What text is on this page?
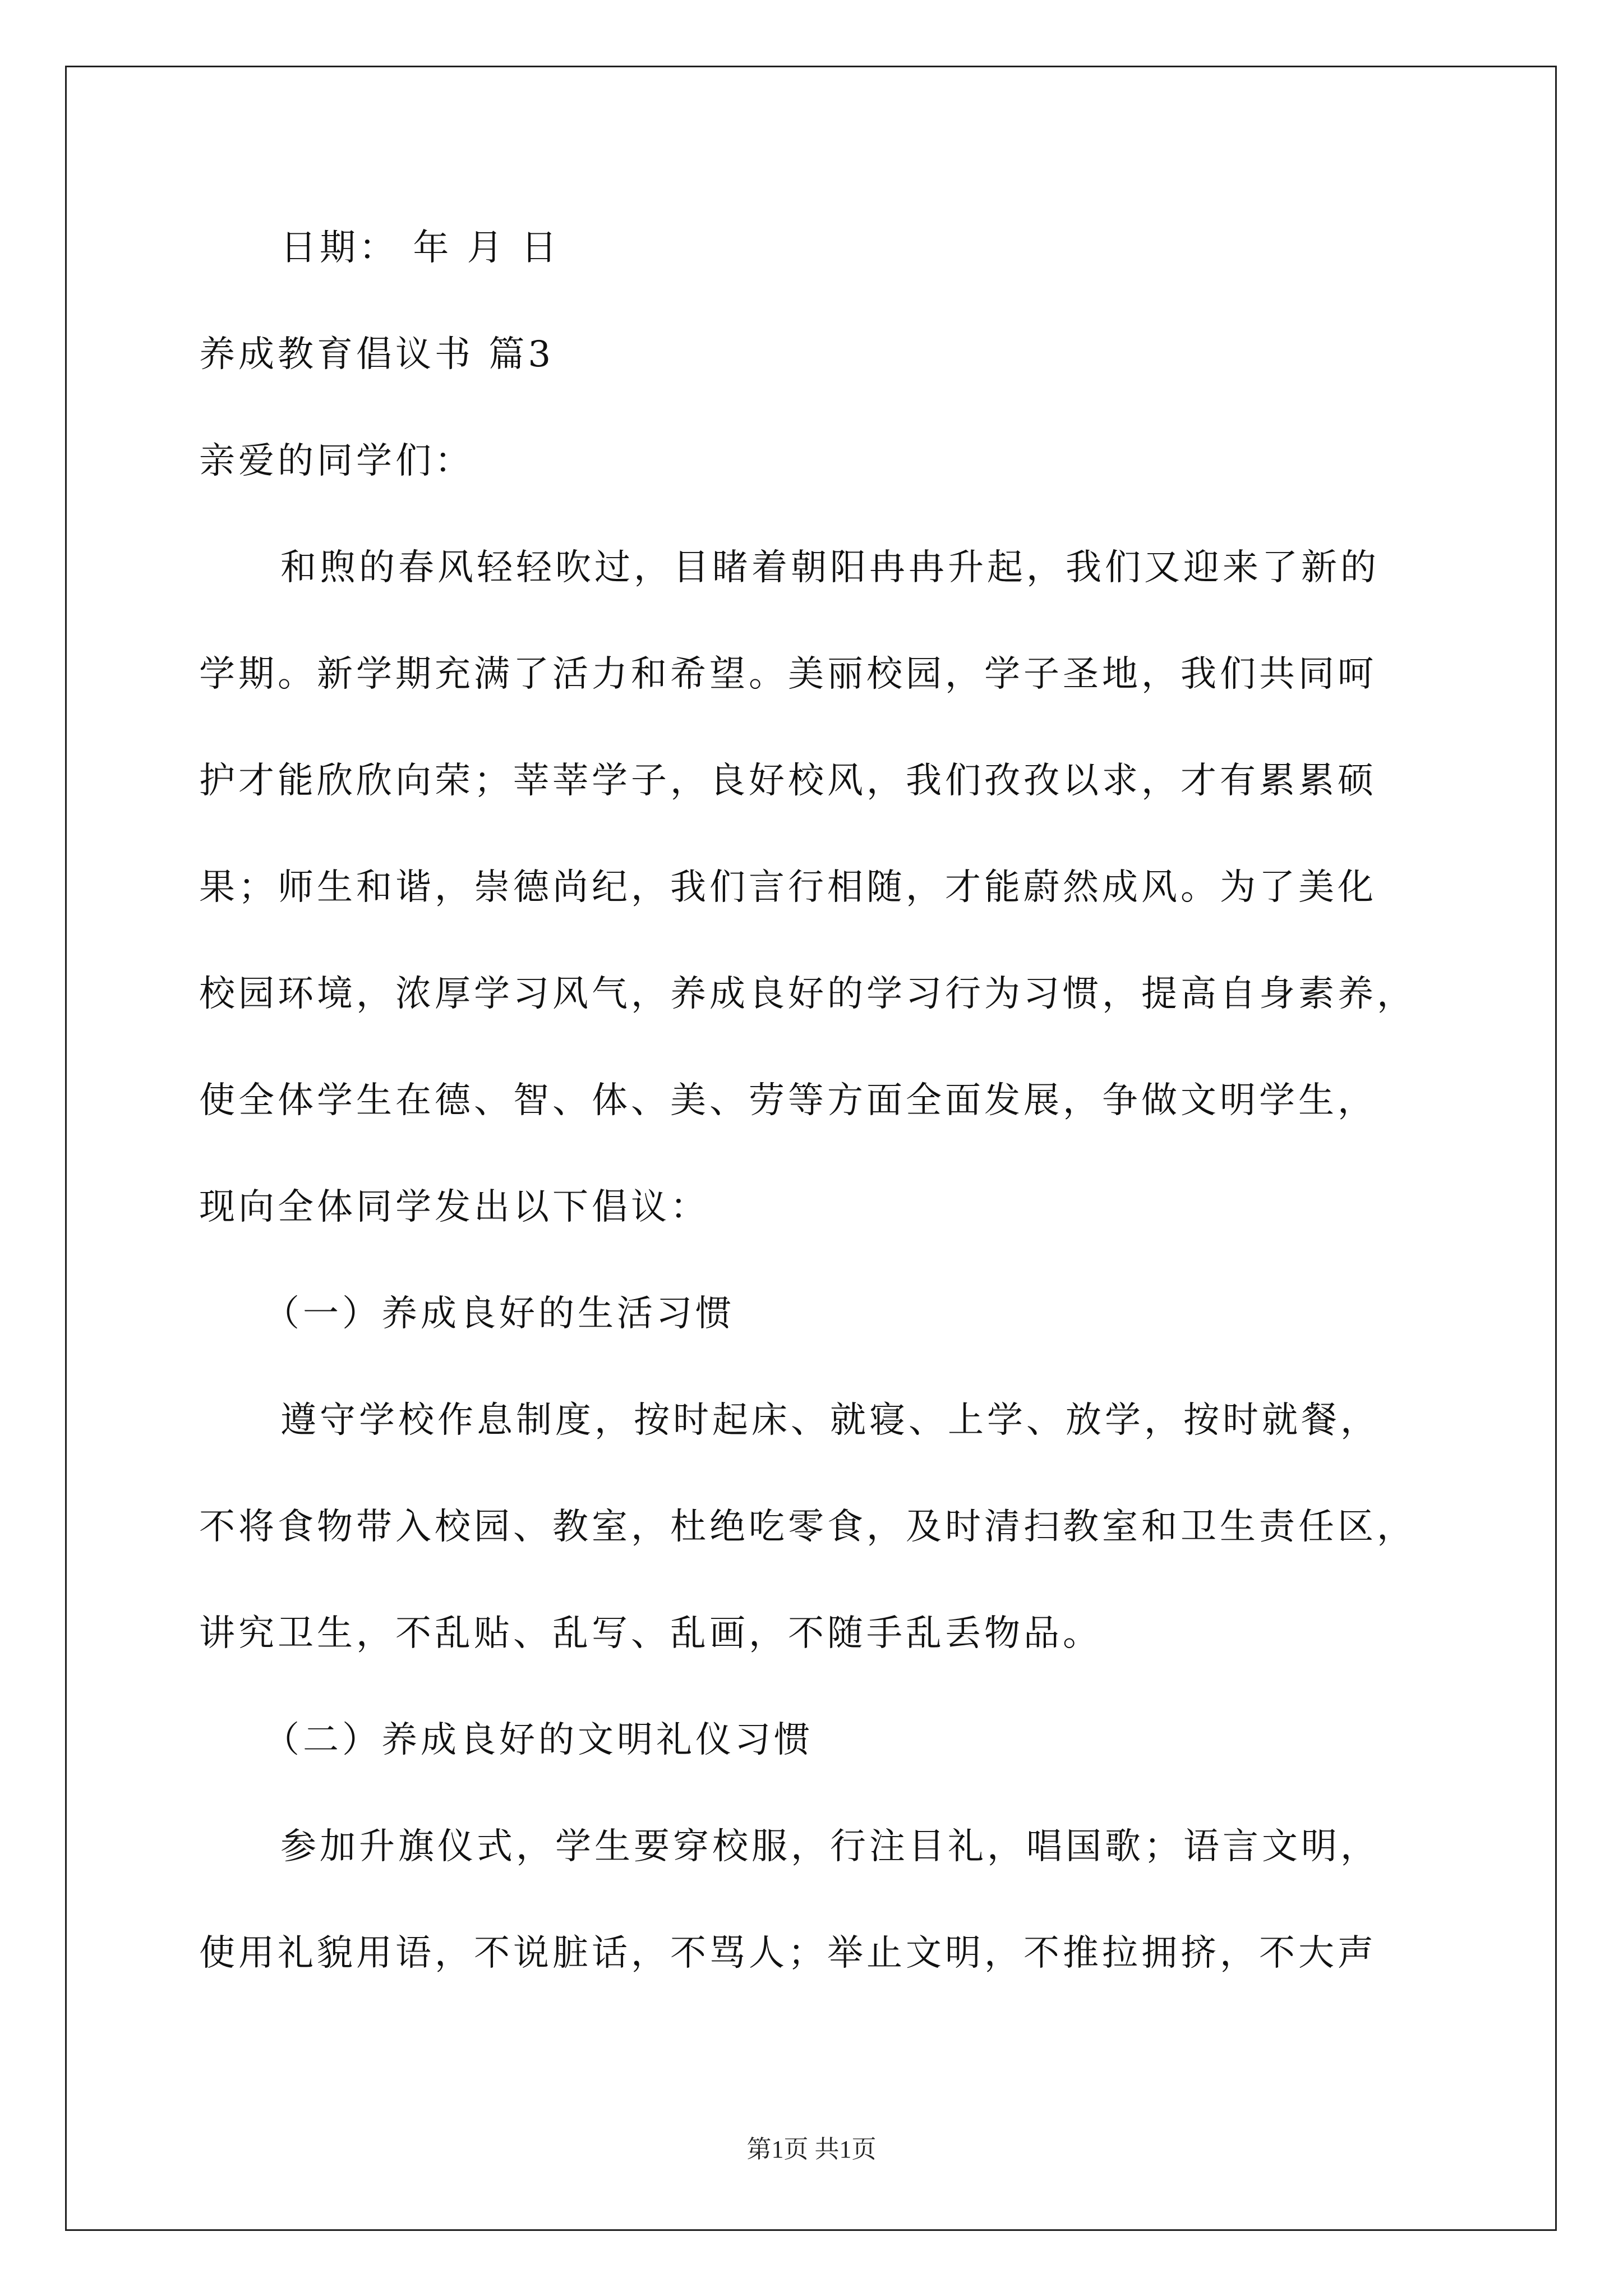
日期： 年 月 日
养成教育倡议书 篇3
亲爱的同学们：
和煦的春风轻轻吹过，目睹着朝阳冉冉升起，我们又迎来了新的
学期。新学期充满了活力和希望。美丽校园，学子圣地，我们共同呵
护才能欣欣向荣；莘莘学子，良好校风，我们孜孜以求，才有累累硕
果；师生和谐，崇德尚纪，我们言行相随，才能蔚然成风。为了美化
校园环境，浓厚学习风气，养成良好的学习行为习惯，提高自身素养，
使全体学生在德、智、体、美、劳等方面全面发展，争做文明学生，
现向全体同学发出以下倡议：
（一）养成良好的生活习惯
遵守学校作息制度，按时起床、就寝、上学、放学，按时就餐，
不将食物带入校园、教室，杜绝吃零食，及时清扫教室和卫生责任区，
讲究卫生，不乱贴、乱写、乱画，不随手乱丢物品。
（二）养成良好的文明礼仪习惯
参加升旗仪式，学生要穿校服，行注目礼，唱国歌；语言文明，
使用礼貌用语，不说脏话，不骂人；举止文明，不推拉拥挤，不大声
第1页 共1页
